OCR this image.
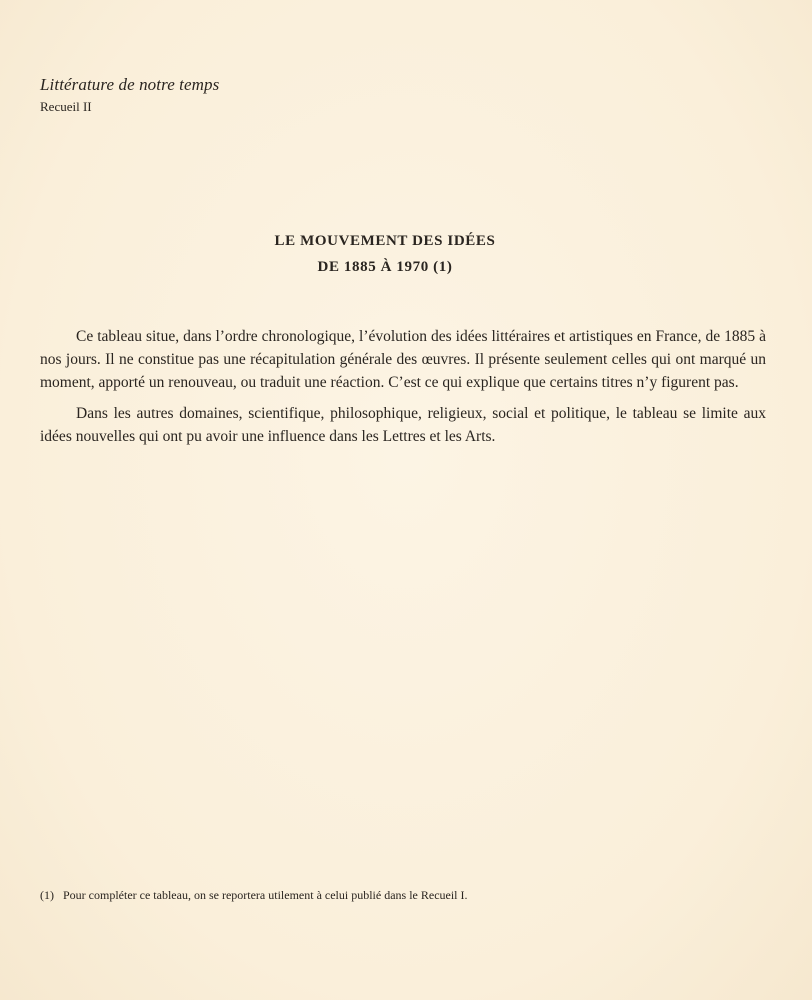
Littérature de notre temps
Recueil II
LE MOUVEMENT DES IDÉES
DE 1885 À 1970 (1)

Ce tableau situe, dans l’ordre chronologique, l’évolution des idées littéraires et artistiques en France, de 1885 à nos jours. Il ne constitue pas une récapitulation générale des œuvres. Il présente seulement celles qui ont marqué un moment, apporté un renouveau, ou traduit une réaction. C’est ce qui explique que certains titres n’y figurent pas.

Dans les autres domaines, scientifique, philosophique, religieux, social et politique, le tableau se limite aux idées nouvelles qui ont pu avoir une influence dans les Lettres et les Arts.

(1) Pour compléter ce tableau, on se reportera utilement à celui publié dans le Recueil I.
